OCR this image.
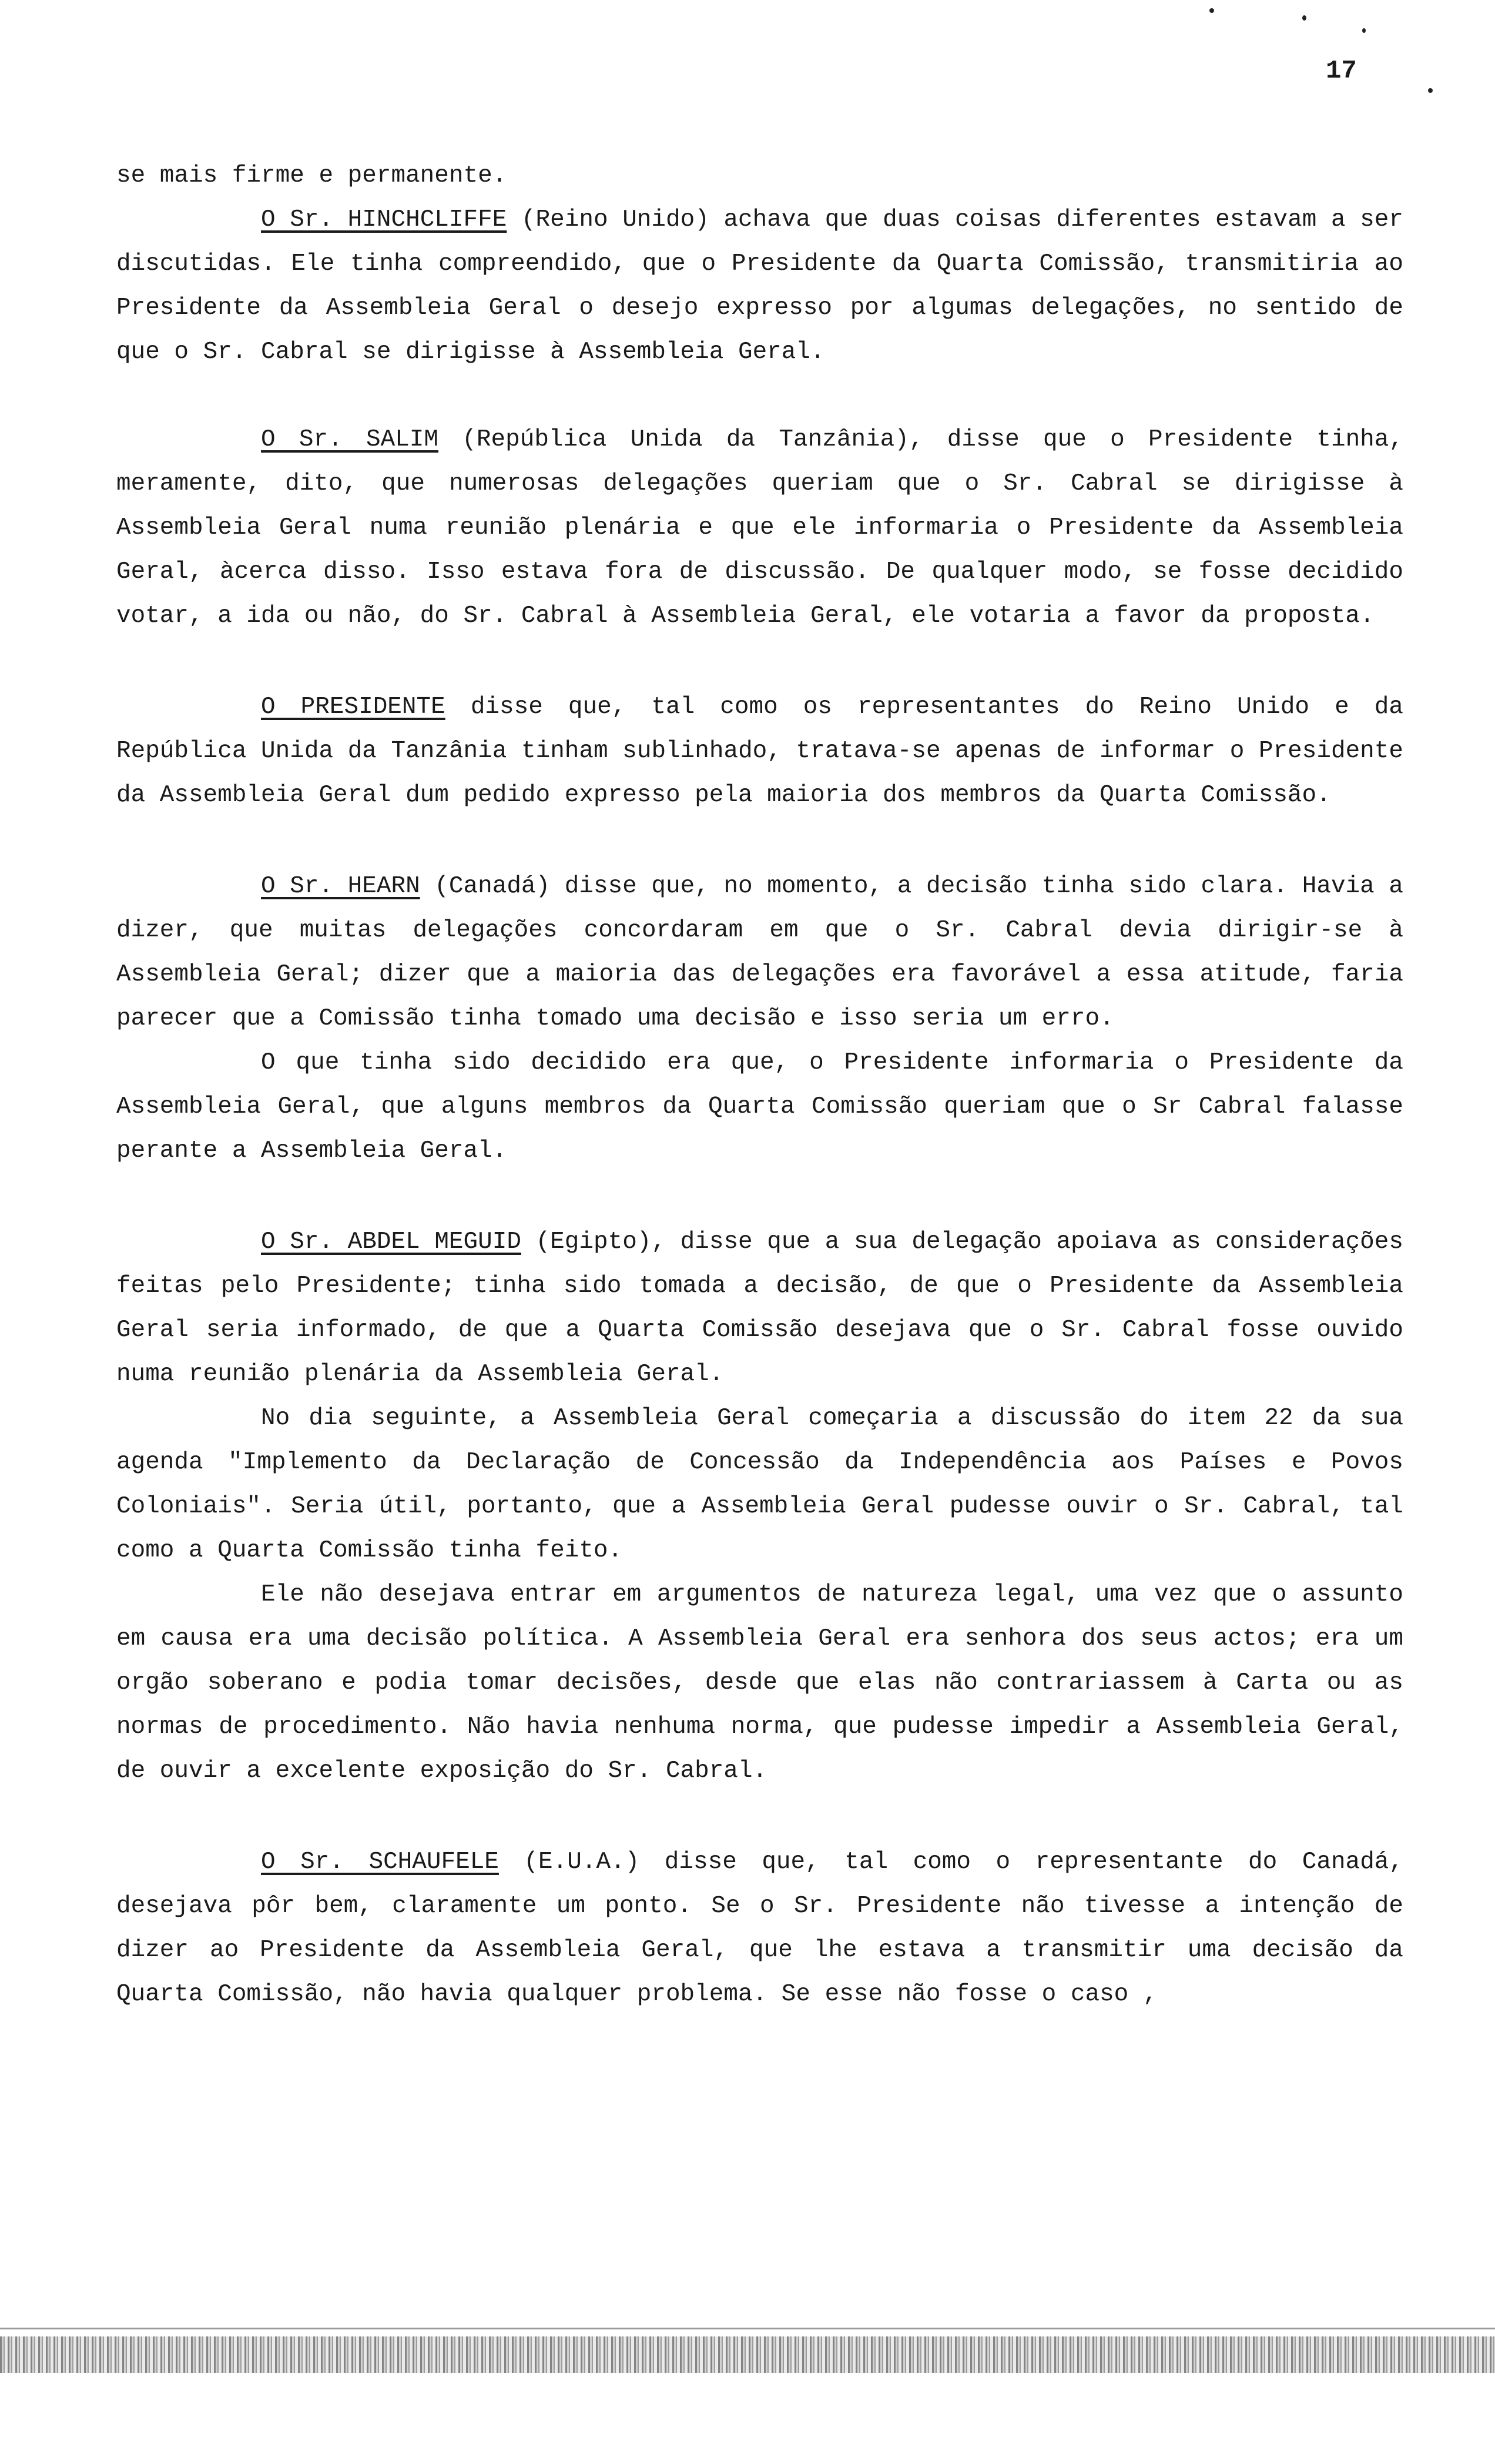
17

se mais firme e permanente.

O Sr. HINCHCLIFFE (Reino Unido) achava que duas coisas diferentes estavam a ser discutidas. Ele tinha compreendido, que o Presidente da Quarta Comissão, transmitiria ao Presidente da Assembleia Geral o desejo expresso por algumas delegações, no sentido de que o Sr. Cabral se dirigisse à Assembleia Geral.

O Sr. SALIM (República Unida da Tanzânia), disse que o Presidente tinha, meramente, dito, que numerosas delegações queriam que o Sr. Cabral se dirigisse à Assembleia Geral numa reunião plenária e que ele informaria o Presidente da Assembleia Geral, àcerca disso. Isso estava fora de discussão. De qualquer modo, se fosse decidido votar, a ida ou não, do Sr. Cabral à Assembleia Geral, ele votaria a favor da proposta.

O PRESIDENTE disse que, tal como os representantes do Reino Unido e da República Unida da Tanzânia tinham sublinhado, tratava-se apenas de informar o Presidente da Assembleia Geral dum pedido expresso pela maioria dos membros da Quarta Comissão.

O Sr. HEARN (Canadá) disse que, no momento, a decisão tinha sido clara. Havia a dizer, que muitas delegações concordaram em que o Sr. Cabral devia dirigir-se à Assembleia Geral; dizer que a maioria das delegações era favorável a essa atitude, faria parecer que a Comissão tinha tomado uma decisão e isso seria um erro.

O que tinha sido decidido era que, o Presidente informaria o Presidente da Assembleia Geral, que alguns membros da Quarta Comissão queriam que o Sr Cabral falasse perante a Assembleia Geral.

O Sr. ABDEL MEGUID (Egipto), disse que a sua delegação apoiava as considerações feitas pelo Presidente; tinha sido tomada a decisão, de que o Presidente da Assembleia Geral seria informado, de que a Quarta Comissão desejava que o Sr. Cabral fosse ouvido numa reunião plenária da Assembleia Geral.

No dia seguinte, a Assembleia Geral começaria a discussão do item 22 da sua agenda "Implemento da Declaração de Concessão da Independência aos Países e Povos Coloniais". Seria útil, portanto, que a Assembleia Geral pudesse ouvir o Sr. Cabral, tal como a Quarta Comissão tinha feito.

Ele não desejava entrar em argumentos de natureza legal, uma vez que o assunto em causa era uma decisão política. A Assembleia Geral era senhora dos seus actos; era um orgão soberano e podia tomar decisões, desde que elas não contrariassem à Carta ou as normas de procedimento. Não havia nenhuma norma, que pudesse impedir a Assembleia Geral, de ouvir a excelente exposição do Sr. Cabral.

O Sr. SCHAUFELE (E.U.A.) disse que, tal como o representante do Canadá, desejava pôr bem, claramente um ponto. Se o Sr. Presidente não tivesse a intenção de dizer ao Presidente da Assembleia Geral, que lhe estava a transmitir uma decisão da Quarta Comissão, não havia qualquer problema. Se esse não fosse o caso ,
